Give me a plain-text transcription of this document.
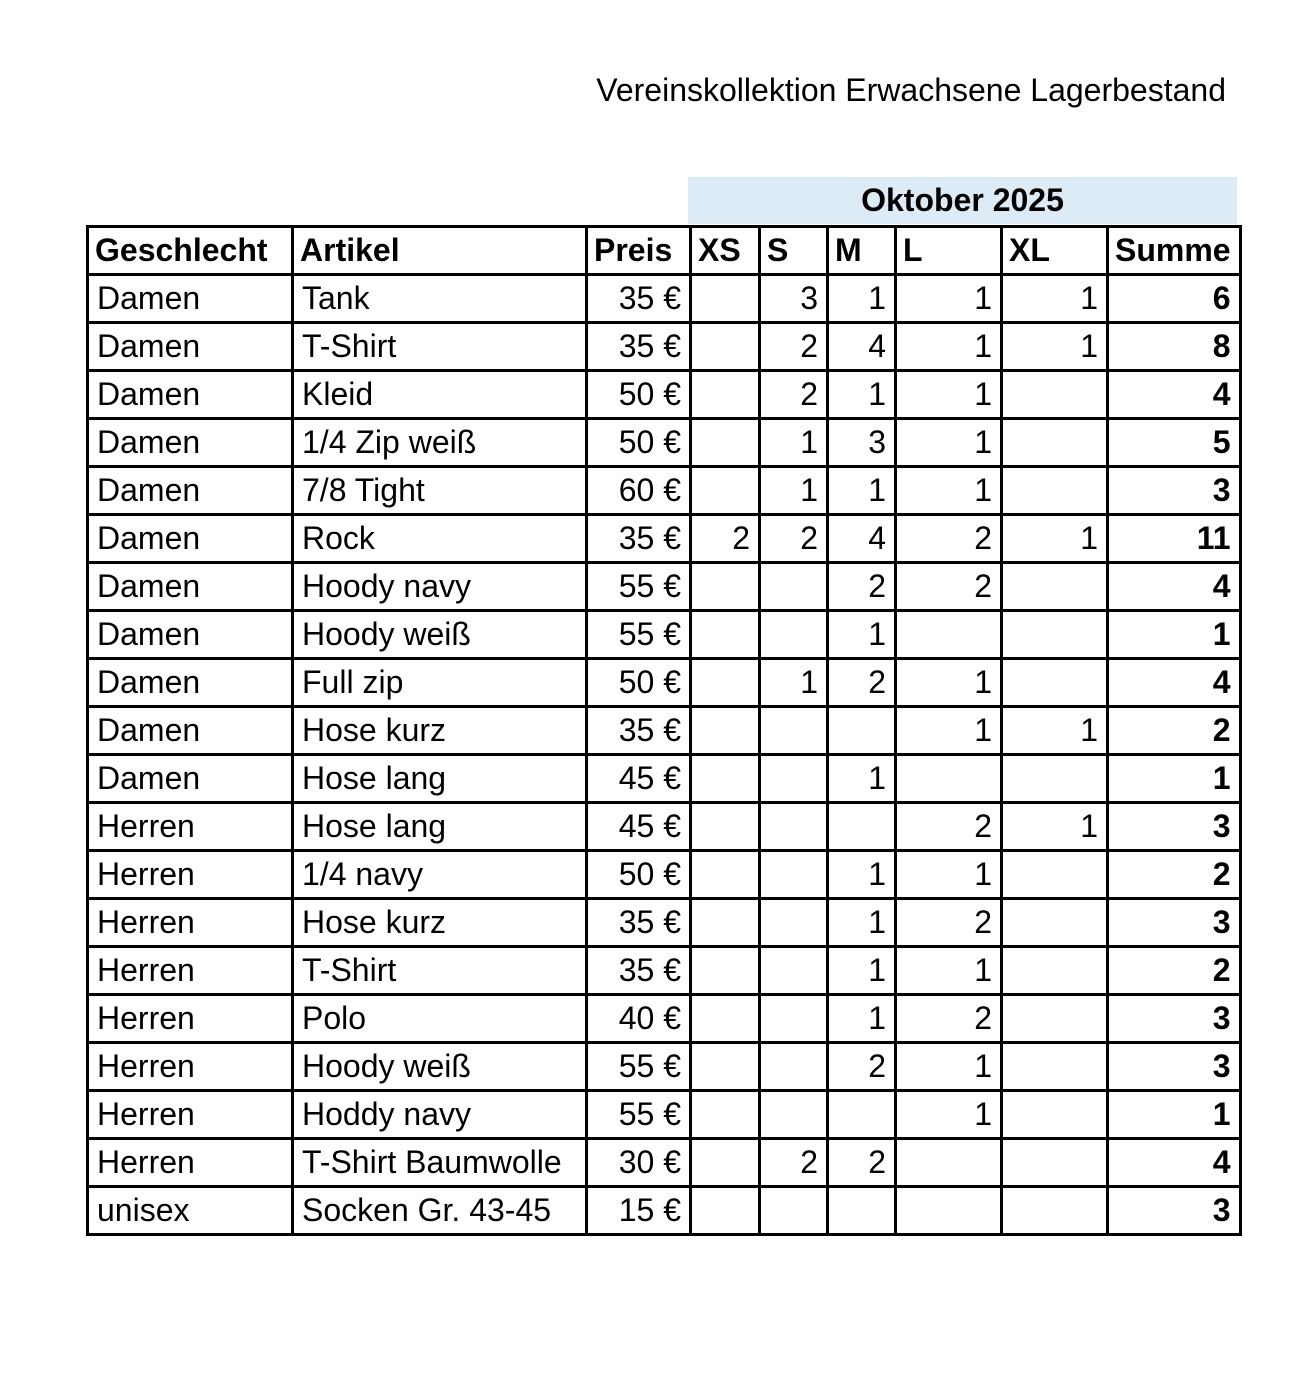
Vereinskollektion Erwachsene Lagerbestand
Oktober 2025
Geschlecht	Artikel	Preis	XS	S	M	L	XL	Summe
Damen	Tank	35 €		3	1	1	1	6
Damen	T-Shirt	35 €		2	4	1	1	8
Damen	Kleid	50 €		2	1	1		4
Damen	1/4 Zip weiß	50 €		1	3	1		5
Damen	7/8 Tight	60 €		1	1	1		3
Damen	Rock	35 €	2	2	4	2	1	11
Damen	Hoody navy	55 €			2	2		4
Damen	Hoody weiß	55 €			1			1
Damen	Full zip	50 €		1	2	1		4
Damen	Hose kurz	35 €				1	1	2
Damen	Hose lang	45 €			1			1
Herren	Hose lang	45 €				2	1	3
Herren	1/4 navy	50 €			1	1		2
Herren	Hose kurz	35 €			1	2		3
Herren	T-Shirt	35 €			1	1		2
Herren	Polo	40 €			1	2		3
Herren	Hoody weiß	55 €			2	1		3
Herren	Hoddy navy	55 €				1		1
Herren	T-Shirt Baumwolle	30 €		2	2			4
unisex	Socken Gr. 43-45	15 €						3
